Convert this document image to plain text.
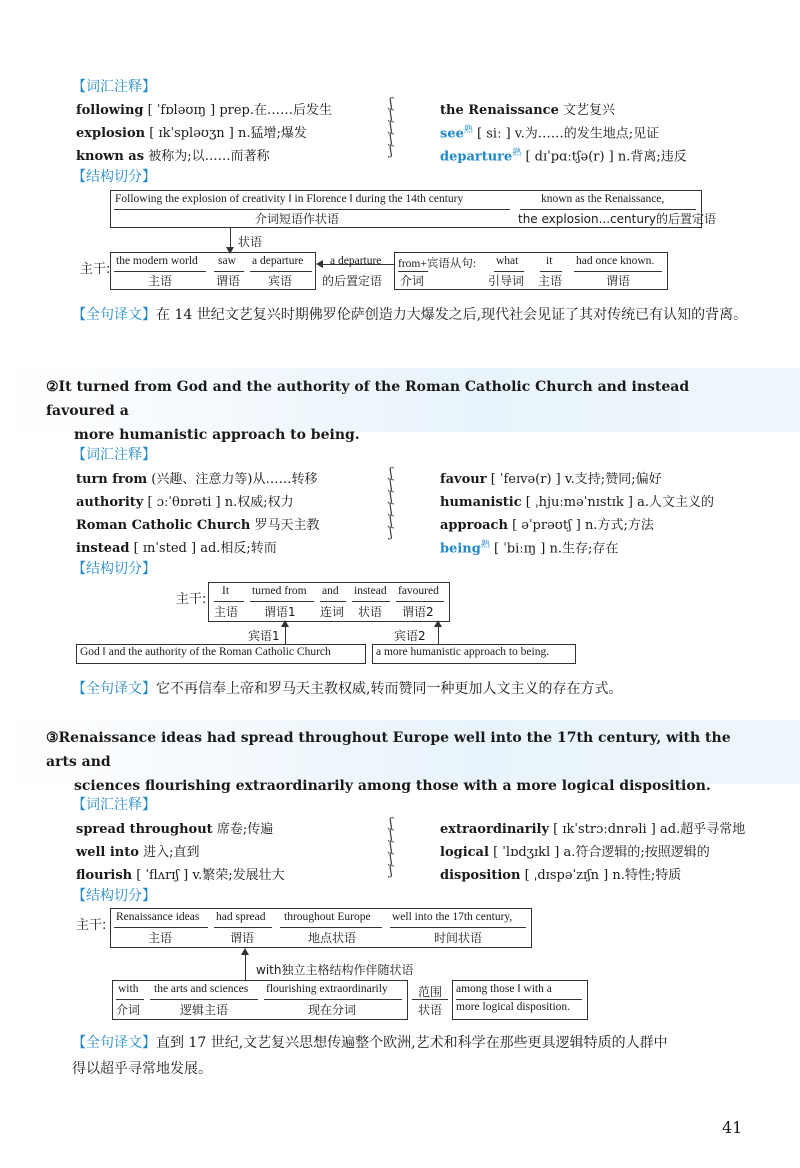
【词汇注释】
following [ ˈfɒləʊɪŋ ] prep.在……后发生
explosion [ ɪkˈspləʊʒn ] n.猛增;爆发
known as 被称为;以……而著称
ʃ
ʃ
ʃ
ʃ
ʃ
the Renaissance 文艺复兴
see$^熟$ [ siː ] v.为……的发生地点;见证
departure$^熟$ [ dɪˈpɑːtʃə(r) ] n.背离;违反
【结构切分】
Following the explosion of creativity ‖ in Florence ‖ during the 14th century
介词短语作状语
known as the Renaissance,
the explosion...century的后置定语
状语
主干:
the modern world
主语
saw
谓语
a departure
宾语
a departure
的后置定语
from+宾语从句:
介词
what
引导词
it
主语
had once known.
谓语
【全句译文】在 14 世纪文艺复兴时期佛罗伦萨创造力大爆发之后,现代社会见证了其对传统已有认知的背离。
②It turned from God and the authority of the Roman Catholic Church and instead favoured a
more humanistic approach to being.
【词汇注释】
turn from (兴趣、注意力等)从……转移
authority [ ɔːˈθɒrəti ] n.权威;权力
Roman Catholic Church 罗马天主教
instead [ ɪnˈsted ] ad.相反;转而
ʃ
ʃ
ʃ
ʃ
ʃ
ʃ
favour [ ˈfeɪvə(r) ] v.支持;赞同;偏好
humanistic [ ˌhjuːməˈnɪstɪk ] a.人文主义的
approach [ əˈprəʊtʃ ] n.方式;方法
being$^熟$ [ ˈbiːɪŋ ] n.生存;存在
【结构切分】
主干:
It
主语
turned from
谓语1
and
连词
instead
状语
favoured
谓语2
宾语1	宾语2
God ‖ and the authority of the Roman Catholic Church	a more humanistic approach to being.
【全句译文】它不再信奉上帝和罗马天主教权威,转而赞同一种更加人文主义的存在方式。
③Renaissance ideas had spread throughout Europe well into the 17th century, with the arts and
sciences flourishing extraordinarily among those with a more logical disposition.
【词汇注释】
spread throughout 席卷;传遍
well into 进入;直到
flourish [ ˈflʌrɪʃ ] v.繁荣;发展壮大
ʃ
ʃ
ʃ
ʃ
ʃ
extraordinarily [ ɪkˈstrɔːdnrəli ] ad.超乎寻常地
logical [ ˈlɒdʒɪkl ] a.符合逻辑的;按照逻辑的
disposition [ ˌdɪspəˈzɪʃn ] n.特性;特质
【结构切分】
主干:
Renaissance ideas
主语
had spread
谓语
throughout Europe
地点状语
well into the 17th century,
时间状语
with独立主格结构作伴随状语
with
介词
the arts and sciences
逻辑主语
flourishing extraordinarily
现在分词
范围
状语
among those ‖ with a
more logical disposition.
【全句译文】直到 17 世纪,文艺复兴思想传遍整个欧洲,艺术和科学在那些更具逻辑特质的人群中
得以超乎寻常地发展。
41
